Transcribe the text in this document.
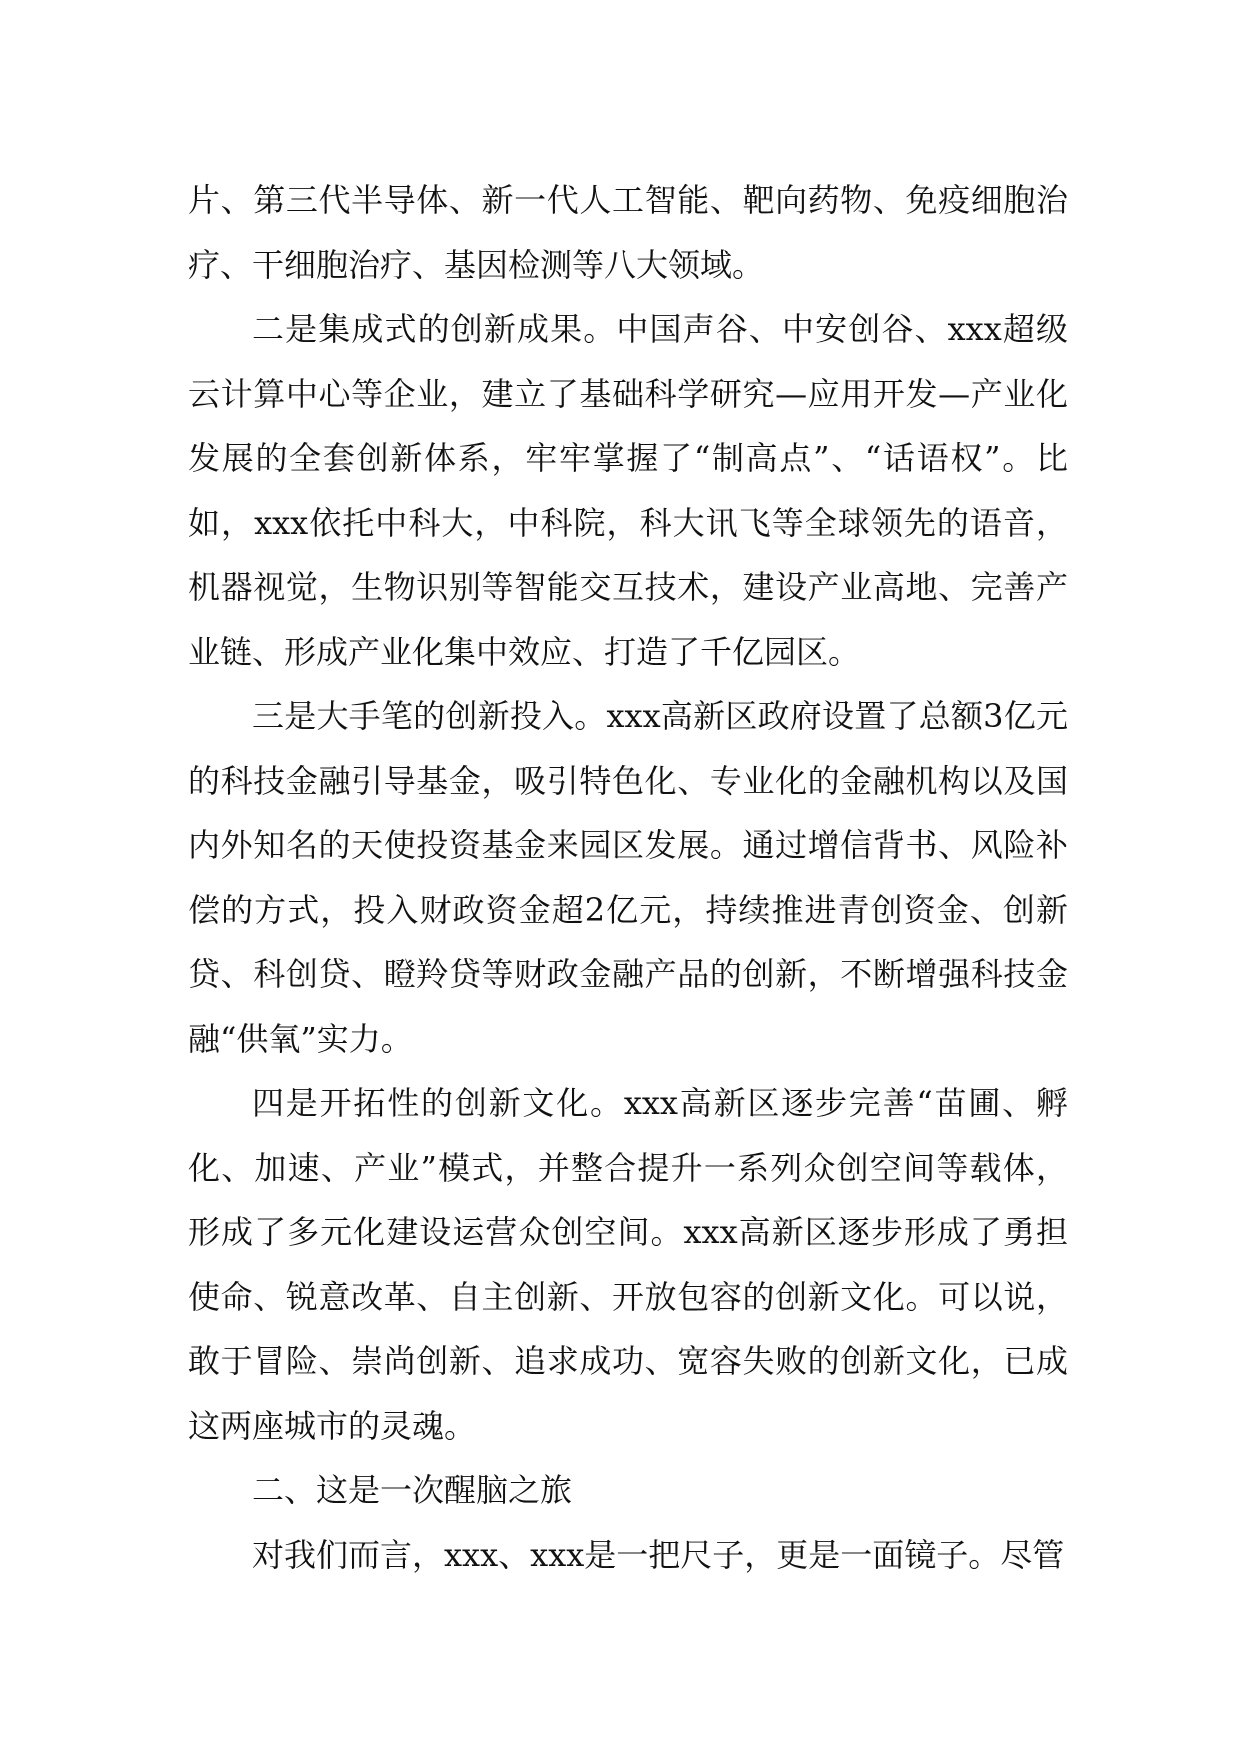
片、第三代半导体、新一代人工智能、靶向药物、免疫细胞治疗、干细胞治疗、基因检测等八大领域。

二是集成式的创新成果。中国声谷、中安创谷、xxx超级云计算中心等企业，建立了基础科学研究—应用开发—产业化发展的全套创新体系，牢牢掌握了“制高点”、“话语权”。比如，xxx依托中科大，中科院，科大讯飞等全球领先的语音，机器视觉，生物识别等智能交互技术，建设产业高地、完善产业链、形成产业化集中效应、打造了千亿园区。

三是大手笔的创新投入。xxx高新区政府设置了总额3亿元的科技金融引导基金，吸引特色化、专业化的金融机构以及国内外知名的天使投资基金来园区发展。通过增信背书、风险补偿的方式，投入财政资金超2亿元，持续推进青创资金、创新贷、科创贷、瞪羚贷等财政金融产品的创新，不断增强科技金融“供氧”实力。

四是开拓性的创新文化。xxx高新区逐步完善“苗圃、孵化、加速、产业”模式，并整合提升一系列众创空间等载体，形成了多元化建设运营众创空间。xxx高新区逐步形成了勇担使命、锐意改革、自主创新、开放包容的创新文化。可以说，敢于冒险、崇尚创新、追求成功、宽容失败的创新文化，已成这两座城市的灵魂。

二、这是一次醒脑之旅

对我们而言，xxx、xxx是一把尺子，更是一面镜子。尽管
